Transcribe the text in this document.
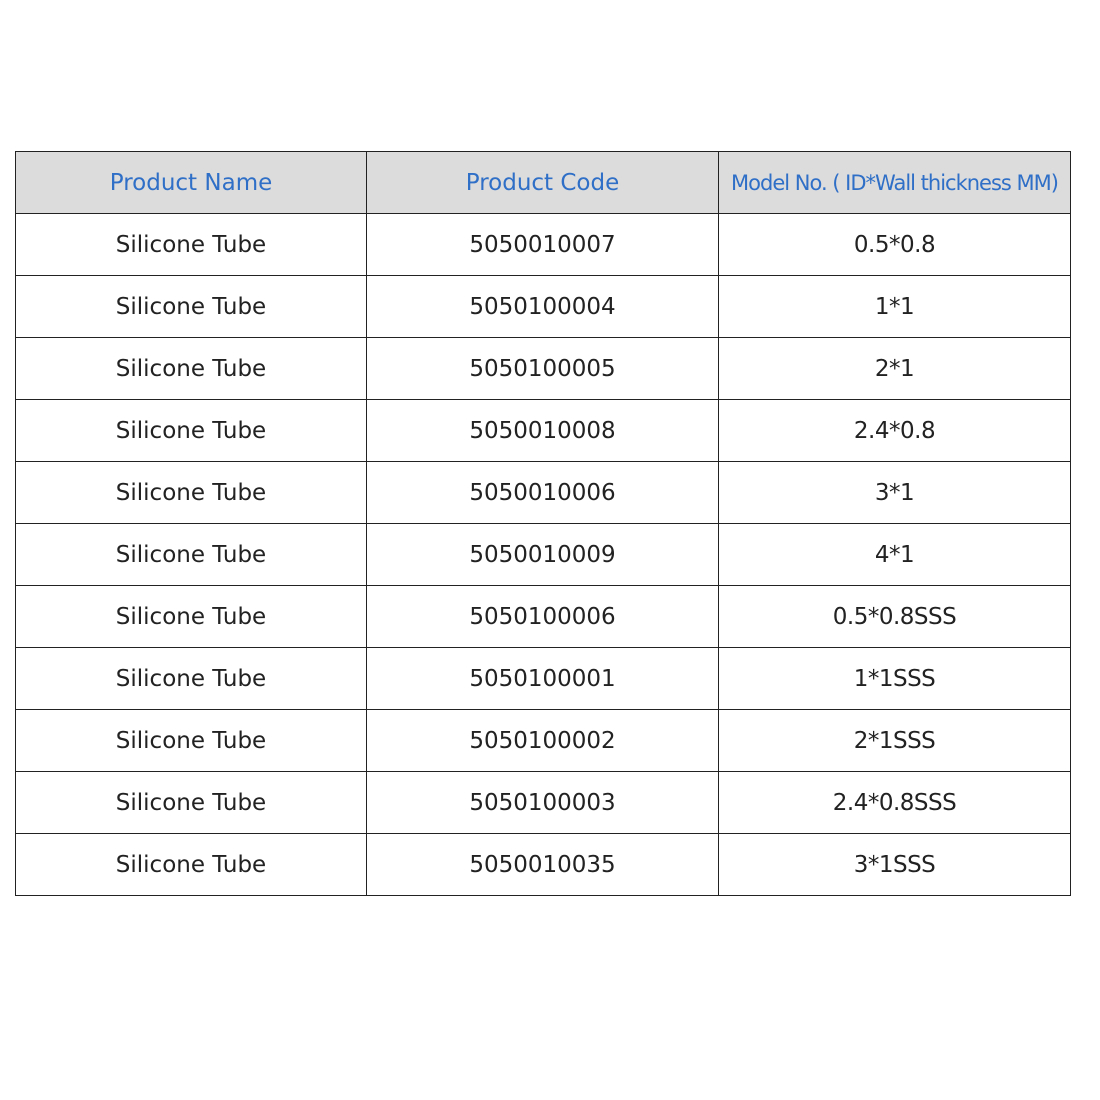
Product Name	Product Code	Model No. ( ID*Wall thickness MM)
Silicone Tube	5050010007	0.5*0.8
Silicone Tube	5050100004	1*1
Silicone Tube	5050100005	2*1
Silicone Tube	5050010008	2.4*0.8
Silicone Tube	5050010006	3*1
Silicone Tube	5050010009	4*1
Silicone Tube	5050100006	0.5*0.8SSS
Silicone Tube	5050100001	1*1SSS
Silicone Tube	5050100002	2*1SSS
Silicone Tube	5050100003	2.4*0.8SSS
Silicone Tube	5050010035	3*1SSS
